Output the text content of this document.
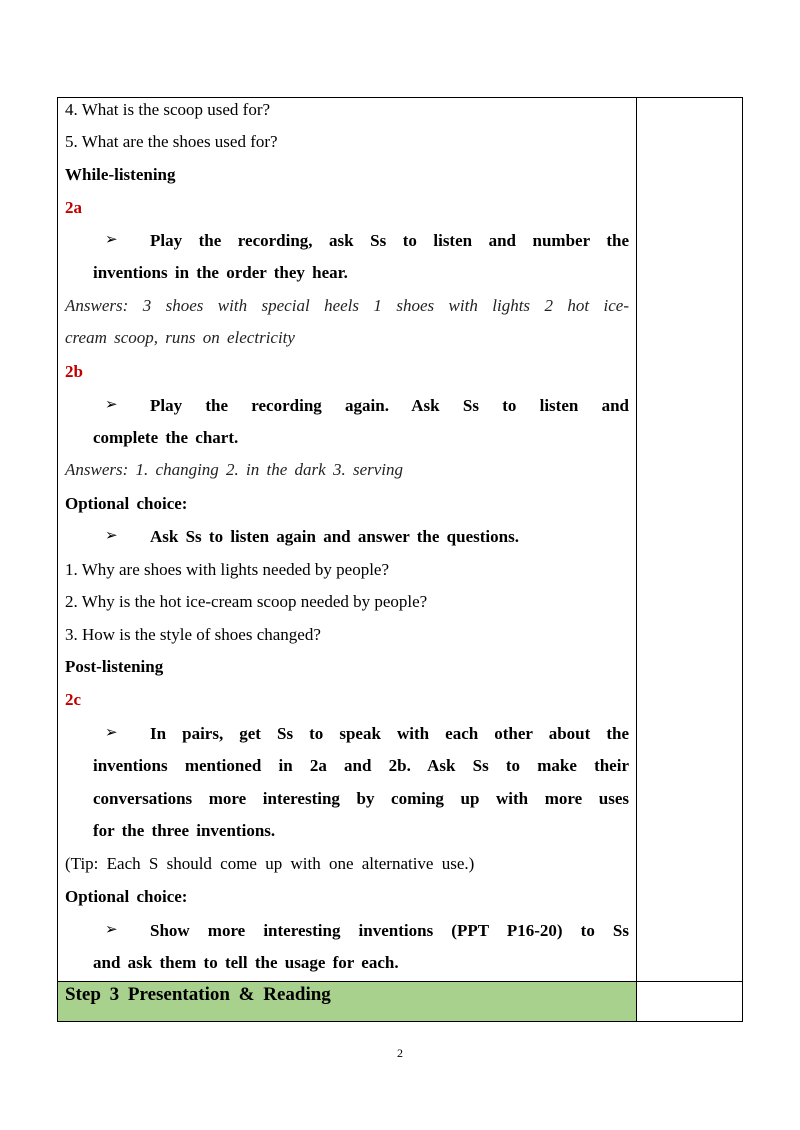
4. What is the scoop used for?
5. What are the shoes used for?
While-listening
2a
➢ Play the recording, ask Ss to listen and number the
inventions in the order they hear.
Answers: 3 shoes with special heels 1 shoes with lights 2 hot ice-
cream scoop, runs on electricity
2b
➢ Play the recording again. Ask Ss to listen and
complete the chart.
Answers: 1. changing 2. in the dark 3. serving
Optional choice:
➢ Ask Ss to listen again and answer the questions.
1. Why are shoes with lights needed by people?
2. Why is the hot ice-cream scoop needed by people?
3. How is the style of shoes changed?
Post-listening
2c
➢ In pairs, get Ss to speak with each other about the
inventions mentioned in 2a and 2b. Ask Ss to make their
conversations more interesting by coming up with more uses
for the three inventions.
(Tip: Each S should come up with one alternative use.)
Optional choice:
➢ Show more interesting inventions (PPT P16-20) to Ss
and ask them to tell the usage for each.
Step 3 Presentation & Reading
2
